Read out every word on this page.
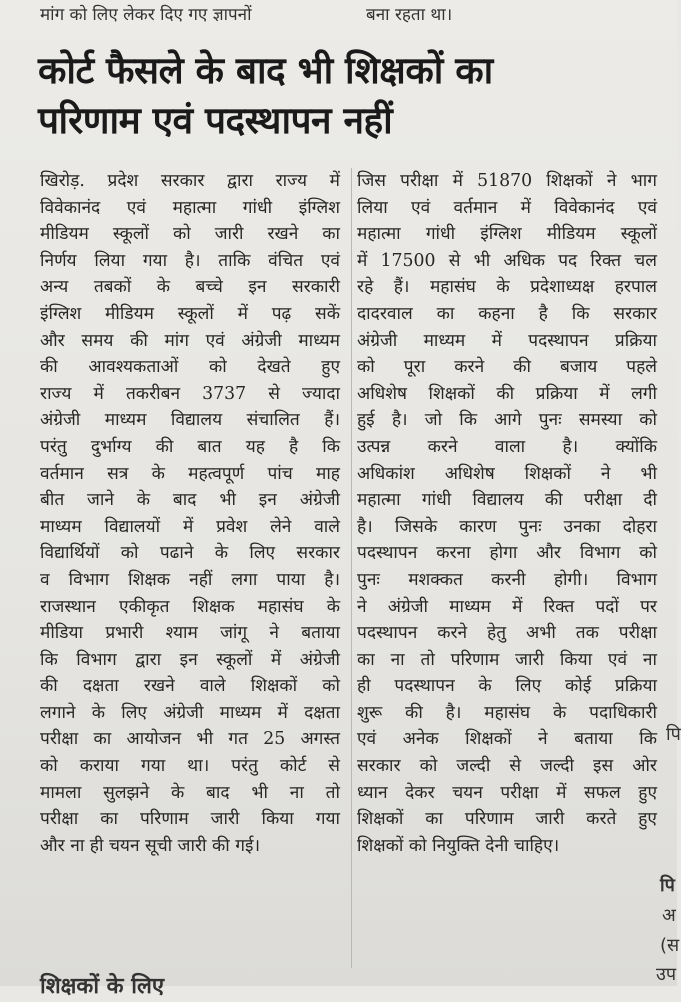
मांग को लिए लेकर दिए गए ज्ञापनों	बना रहता था।
कोर्ट फैसले के बाद भी शिक्षकों का
परिणाम एवं पदस्थापन नहीं
खिरोड़. प्रदेश सरकार द्वारा राज्य में
विवेकानंद एवं महात्मा गांधी इंग्लिश
मीडियम स्कूलों को जारी रखने का
निर्णय लिया गया है। ताकि वंचित एवं
अन्य तबकों के बच्चे इन सरकारी
इंग्लिश मीडियम स्कूलों में पढ़ सकें
और समय की मांग एवं अंग्रेजी माध्यम
की आवश्यकताओं को देखते हुए
राज्य में तकरीबन 3737 से ज्यादा
अंग्रेजी माध्यम विद्यालय संचालित हैं।
परंतु दुर्भाग्य की बात यह है कि
वर्तमान सत्र के महत्वपूर्ण पांच माह
बीत जाने के बाद भी इन अंग्रेजी
माध्यम विद्यालयों में प्रवेश लेने वाले
विद्यार्थियों को पढाने के लिए सरकार
व विभाग शिक्षक नहीं लगा पाया है।
राजस्थान एकीकृत शिक्षक महासंघ के
मीडिया प्रभारी श्याम जांगू ने बताया
कि विभाग द्वारा इन स्कूलों में अंग्रेजी
की दक्षता रखने वाले शिक्षकों को
लगाने के लिए अंग्रेजी माध्यम में दक्षता
परीक्षा का आयोजन भी गत 25 अगस्त
को कराया गया था। परंतु कोर्ट से
मामला सुलझने के बाद भी ना तो
परीक्षा का परिणाम जारी किया गया
और ना ही चयन सूची जारी की गई।
जिस परीक्षा में 51870 शिक्षकों ने भाग
लिया एवं वर्तमान में विवेकानंद एवं
महात्मा गांधी इंग्लिश मीडियम स्कूलों
में 17500 से भी अधिक पद रिक्त चल
रहे हैं। महासंघ के प्रदेशाध्यक्ष हरपाल
दादरवाल का कहना है कि सरकार
अंग्रेजी माध्यम में पदस्थापन प्रक्रिया
को पूरा करने की बजाय पहले
अधिशेष शिक्षकों की प्रक्रिया में लगी
हुई है। जो कि आगे पुनः समस्या को
उत्पन्न करने वाला है। क्योंकि
अधिकांश अधिशेष शिक्षकों ने भी
महात्मा गांधी विद्यालय की परीक्षा दी
है। जिसके कारण पुनः उनका दोहरा
पदस्थापन करना होगा और विभाग को
पुनः मशक्कत करनी होगी। विभाग
ने अंग्रेजी माध्यम में रिक्त पदों पर
पदस्थापन करने हेतु अभी तक परीक्षा
का ना तो परिणाम जारी किया एवं ना
ही पदस्थापन के लिए कोई प्रक्रिया
शुरू की है। महासंघ के पदाधिकारी
एवं अनेक शिक्षकों ने बताया कि
सरकार को जल्दी से जल्दी इस ओर
ध्यान देकर चयन परीक्षा में सफल हुए
शिक्षकों का परिणाम जारी करते हुए
शिक्षकों को नियुक्ति देनी चाहिए।
पि
पि
अ
(स
उप
शिक्षकों के लिए
